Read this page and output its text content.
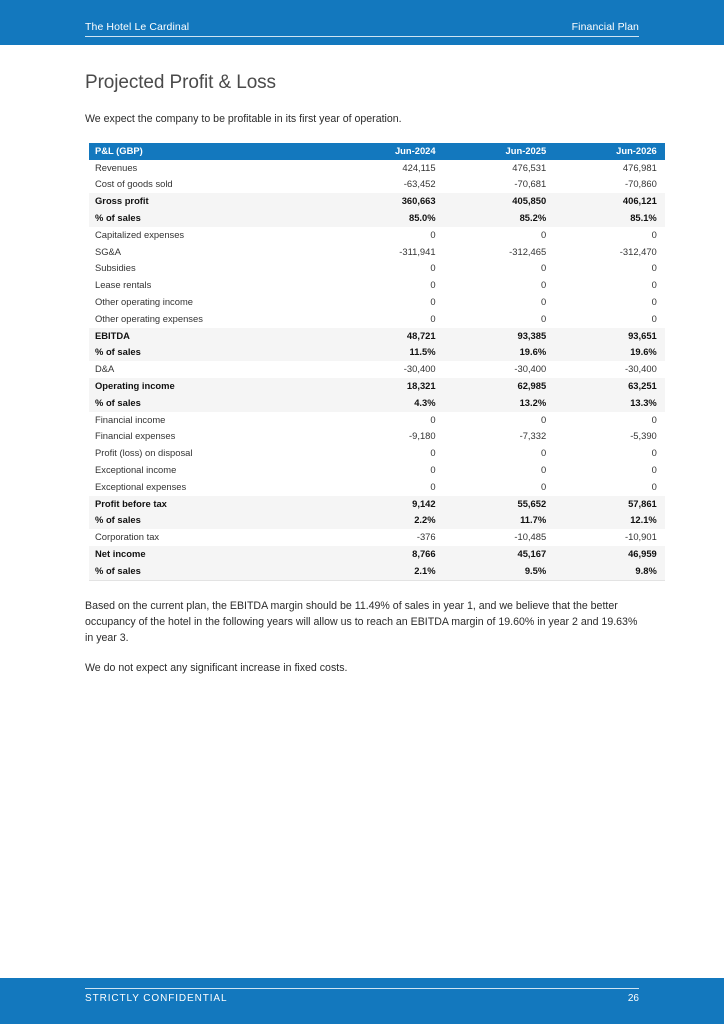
The Hotel Le Cardinal	Financial Plan
Projected Profit & Loss

We expect the company to be profitable in its first year of operation.

P&L (GBP)	Jun-2024	Jun-2025	Jun-2026
Revenues	424,115	476,531	476,981
Cost of goods sold	-63,452	-70,681	-70,860
Gross profit	360,663	405,850	406,121
% of sales	85.0%	85.2%	85.1%
Capitalized expenses	0	0	0
SG&A	-311,941	-312,465	-312,470
Subsidies	0	0	0
Lease rentals	0	0	0
Other operating income	0	0	0
Other operating expenses	0	0	0
EBITDA	48,721	93,385	93,651
% of sales	11.5%	19.6%	19.6%
D&A	-30,400	-30,400	-30,400
Operating income	18,321	62,985	63,251
% of sales	4.3%	13.2%	13.3%
Financial income	0	0	0
Financial expenses	-9,180	-7,332	-5,390
Profit (loss) on disposal	0	0	0
Exceptional income	0	0	0
Exceptional expenses	0	0	0
Profit before tax	9,142	55,652	57,861
% of sales	2.2%	11.7%	12.1%
Corporation tax	-376	-10,485	-10,901
Net income	8,766	45,167	46,959
% of sales	2.1%	9.5%	9.8%

Based on the current plan, the EBITDA margin should be 11.49% of sales in year 1, and we believe that the better occupancy of the hotel in the following years will allow us to reach an EBITDA margin of 19.60% in year 2 and 19.63% in year 3.

We do not expect any significant increase in fixed costs.

STRICTLY CONFIDENTIAL	26
